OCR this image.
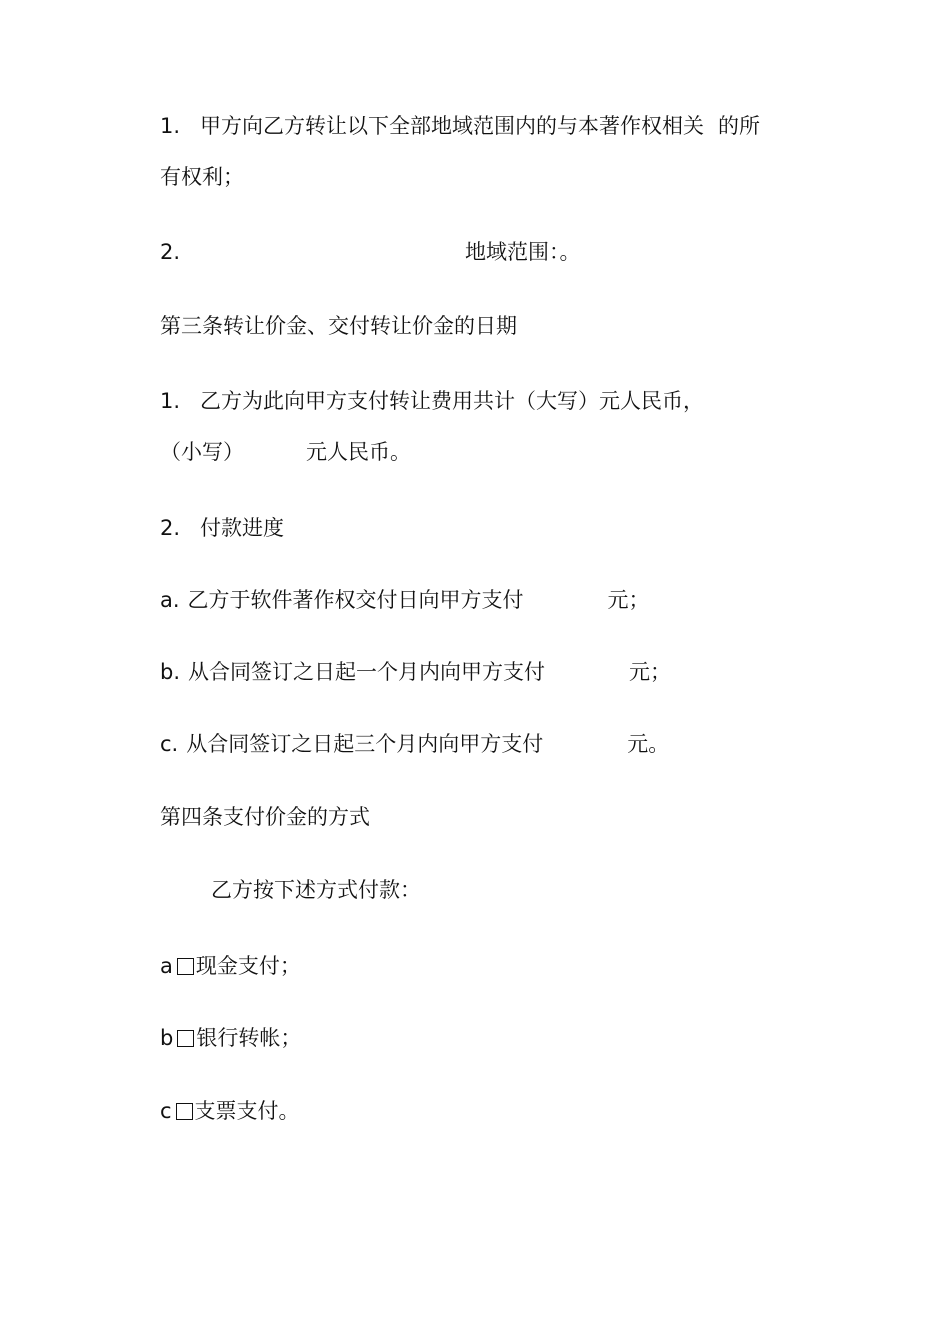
1. 甲方向乙方转让以下全部地域范围内的与本著作权相关 的所

有权利；

2.	地域范围：。

第三条转让价金、交付转让价金的日期

1. 乙方为此向甲方支付转让费用共计（大写）元人民币，

（小写）	元人民币。

2. 付款进度

a. 乙方于软件著作权交付日向甲方支付	元；

b. 从合同签订之日起一个月内向甲方支付	元；

c. 从合同签订之日起三个月内向甲方支付	元。

第四条支付价金的方式

乙方按下述方式付款：

a 现金支付；

b 银行转帐；

c 支票支付。
